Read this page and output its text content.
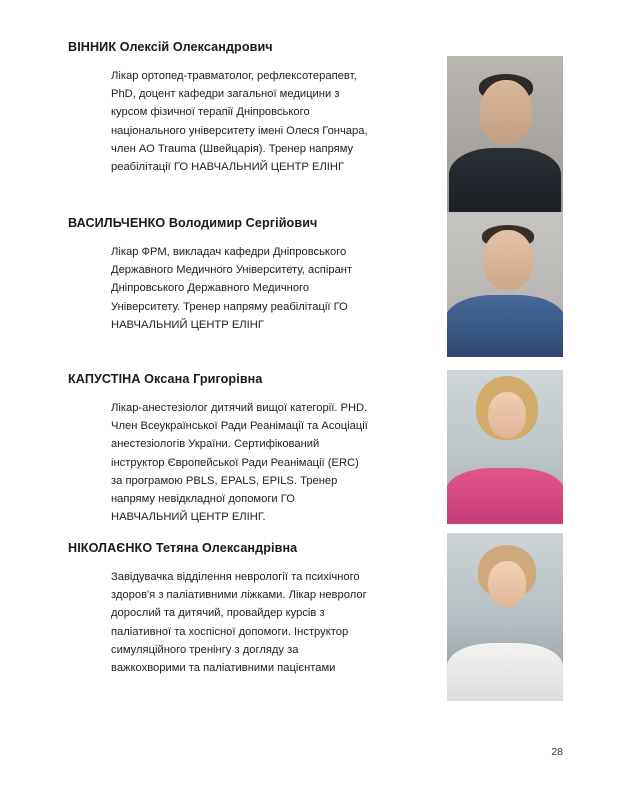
ВІННИК Олексій Олександрович

Лікар ортопед-травматолог, рефлексотерапевт, PhD, доцент кафедри загальної медицини з курсом фізичної терапії Дніпровського національного університету імені Олеся Гончара, член АО Trauma (Швейцарія). Тренер напряму реабілітації ГО НАВЧАЛЬНИЙ ЦЕНТР ЕЛІНГ

ВАСИЛЬЧЕНКО Володимир Сергійович

Лікар ФРМ, викладач кафедри Дніпровського Державного Медичного Університету, аспірант Дніпровського Державного Медичного Університету. Тренер напряму реабілітації ГО НАВЧАЛЬНИЙ ЦЕНТР ЕЛІНГ

КАПУСТІНА Оксана Григорівна

Лікар-анестезіолог дитячий вищої категорії. PHD. Член Всеукраїнської Ради Реанімації та Асоціації анестезіологів України. Сертифікований інструктор Європейської Ради Реанімації (ERC) за програмою PBLS, EPALS, EPILS. Тренер напряму невідкладної допомоги ГО НАВЧАЛЬНИЙ ЦЕНТР ЕЛІНГ.

НІКОЛАЄНКО Тетяна Олександрівна

Завідувачка відділення неврології та психічного здоров'я з паліативними ліжками. Лікар невролог дорослий та дитячий, провайдер курсів з паліативної та хоспісної допомоги. Інструктор симуляційного тренінгу з догляду за важкохворими та паліативними пацієнтами

28
